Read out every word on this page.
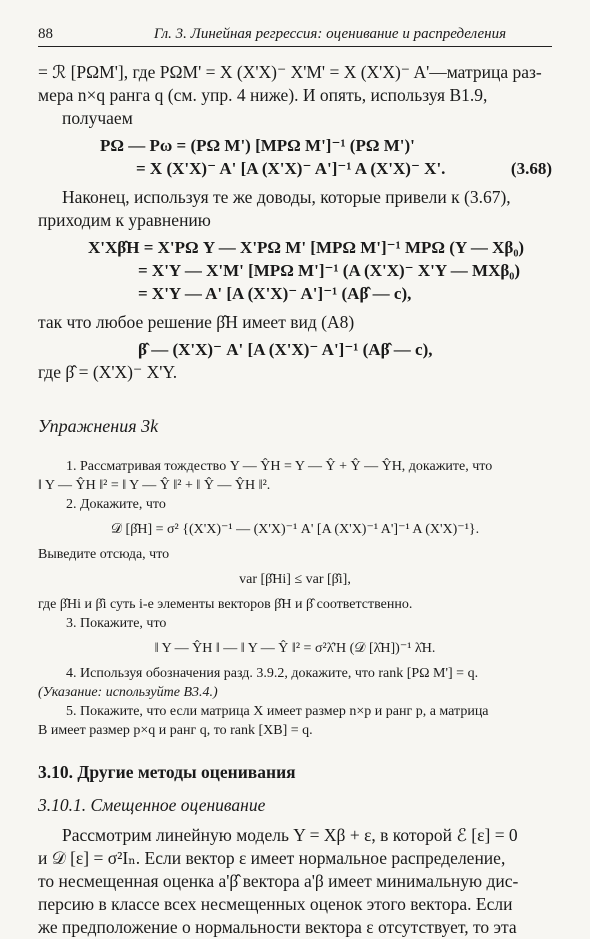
88	Гл. 3. Линейная регрессия: оценивание и распределения

= ℛ [PΩM'], где PΩM' = X (X'X)⁻ X'M' = X (X'X)⁻ A'—матрица раз-

мера n×q ранга q (см. упр. 4 ниже). И опять, используя B1.9,

получаем

PΩ — Pω = (PΩ M') [MPΩ M']⁻¹ (PΩ M')'

= X (X'X)⁻ A' [A (X'X)⁻ A']⁻¹ A (X'X)⁻ X'.	(3.68)

Наконец, используя те же доводы, которые привели к (3.67),

приходим к уравнению

X'Xβ̂H = X'PΩ Y — X'PΩ M' [MPΩ M']⁻¹ MPΩ (Y — Xβ₀)

= X'Y — X'M' [MPΩ M']⁻¹ (A (X'X)⁻ X'Y — MXβ₀)

= X'Y — A' [A (X'X)⁻ A']⁻¹ (Aβ̂ — c),

так что любое решение β̂H имеет вид (A8)

β̂ — (X'X)⁻ A' [A (X'X)⁻ A']⁻¹ (Aβ̂ — c),

где β̂ = (X'X)⁻ X'Y.

Упражнения 3k

1. Рассматривая тождество Y — ŶH = Y — Ŷ + Ŷ — ŶH, докажите, что

‖ Y — ŶH ‖² = ‖ Y — Ŷ ‖² + ‖ Ŷ — ŶH ‖².

2. Докажите, что

𝒟 [β̂H] = σ² {(X'X)⁻¹ — (X'X)⁻¹ A' [A (X'X)⁻¹ A']⁻¹ A (X'X)⁻¹}.

Выведите отсюда, что

var [β̂Hi] ≤ var [β̂i],

где β̂Hi и β̂i суть i-е элементы векторов β̂H и β̂ соответственно.

3. Покажите, что

‖ Y — ŶH ‖ — ‖ Y — Ŷ ‖² = σ²λ̂'H (𝒟 [λ̂H])⁻¹ λ̂H.

4. Используя обозначения разд. 3.9.2, докажите, что rank [PΩ M'] = q.

(Указание: используйте B3.4.)

5. Покажите, что если матрица X имеет размер n×p и ранг p, а матрица

B имеет размер p×q и ранг q, то rank [XB] = q.

3.10. Другие методы оценивания
3.10.1. Смещенное оценивание

Рассмотрим линейную модель Y = Xβ + ε, в которой ℰ [ε] = 0

и 𝒟 [ε] = σ²Iₙ. Если вектор ε имеет нормальное распределение,

то несмещенная оценка a'β̂ вектора a'β имеет минимальную дис-

персию в классе всех несмещенных оценок этого вектора. Если

же предположение о нормальности вектора ε отсутствует, то эта
